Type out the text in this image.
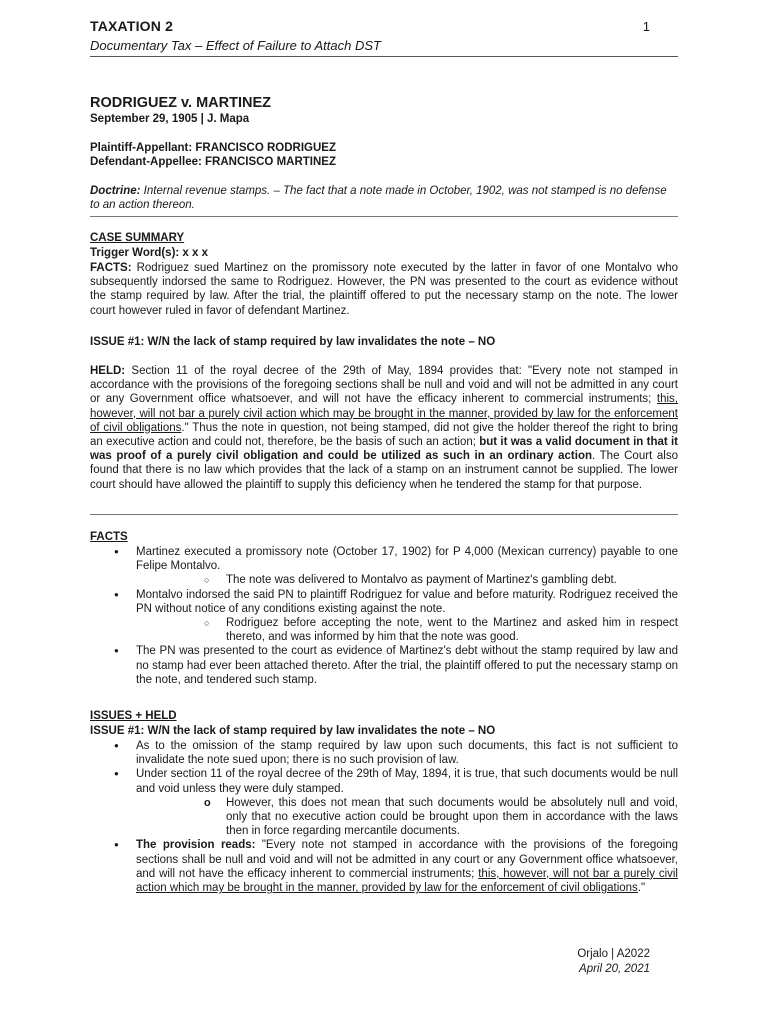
TAXATION 2	1
Documentary Tax – Effect of Failure to Attach DST
RODRIGUEZ v. MARTINEZ
September 29, 1905 | J. Mapa
Plaintiff-Appellant: FRANCISCO RODRIGUEZ
Defendant-Appellee: FRANCISCO MARTINEZ
Doctrine: Internal revenue stamps. – The fact that a note made in October, 1902, was not stamped is no defense to an action thereon.
CASE SUMMARY
Trigger Word(s): x x x
FACTS: Rodriguez sued Martinez on the promissory note executed by the latter in favor of one Montalvo who subsequently indorsed the same to Rodriguez. However, the PN was presented to the court as evidence without the stamp required by law. After the trial, the plaintiff offered to put the necessary stamp on the note. The lower court however ruled in favor of defendant Martinez.
ISSUE #1: W/N the lack of stamp required by law invalidates the note – NO
HELD: Section 11 of the royal decree of the 29th of May, 1894 provides that: "Every note not stamped in accordance with the provisions of the foregoing sections shall be null and void and will not be admitted in any court or any Government office whatsoever, and will not have the efficacy inherent to commercial instruments; this, however, will not bar a purely civil action which may be brought in the manner, provided by law for the enforcement of civil obligations." Thus the note in question, not being stamped, did not give the holder thereof the right to bring an executive action and could not, therefore, be the basis of such an action; but it was a valid document in that it was proof of a purely civil obligation and could be utilized as such in an ordinary action. The Court also found that there is no law which provides that the lack of a stamp on an instrument cannot be supplied. The lower court should have allowed the plaintiff to supply this deficiency when he tendered the stamp for that purpose.
FACTS
● Martinez executed a promissory note (October 17, 1902) for P 4,000 (Mexican currency) payable to one Felipe Montalvo.
○ The note was delivered to Montalvo as payment of Martinez's gambling debt.
● Montalvo indorsed the said PN to plaintiff Rodriguez for value and before maturity. Rodriguez received the PN without notice of any conditions existing against the note.
○ Rodriguez before accepting the note, went to the Martinez and asked him in respect thereto, and was informed by him that the note was good.
● The PN was presented to the court as evidence of Martinez's debt without the stamp required by law and no stamp had ever been attached thereto. After the trial, the plaintiff offered to put the necessary stamp on the note, and tendered such stamp.
ISSUES + HELD
ISSUE #1: W/N the lack of stamp required by law invalidates the note – NO
● As to the omission of the stamp required by law upon such documents, this fact is not sufficient to invalidate the note sued upon; there is no such provision of law.
● Under section 11 of the royal decree of the 29th of May, 1894, it is true, that such documents would be null and void unless they were duly stamped.
o However, this does not mean that such documents would be absolutely null and void, only that no executive action could be brought upon them in accordance with the laws then in force regarding mercantile documents.
● The provision reads: "Every note not stamped in accordance with the provisions of the foregoing sections shall be null and void and will not be admitted in any court or any Government office whatsoever, and will not have the efficacy inherent to commercial instruments; this, however, will not bar a purely civil action which may be brought in the manner, provided by law for the enforcement of civil obligations."
Orjalo | A2022
April 20, 2021
